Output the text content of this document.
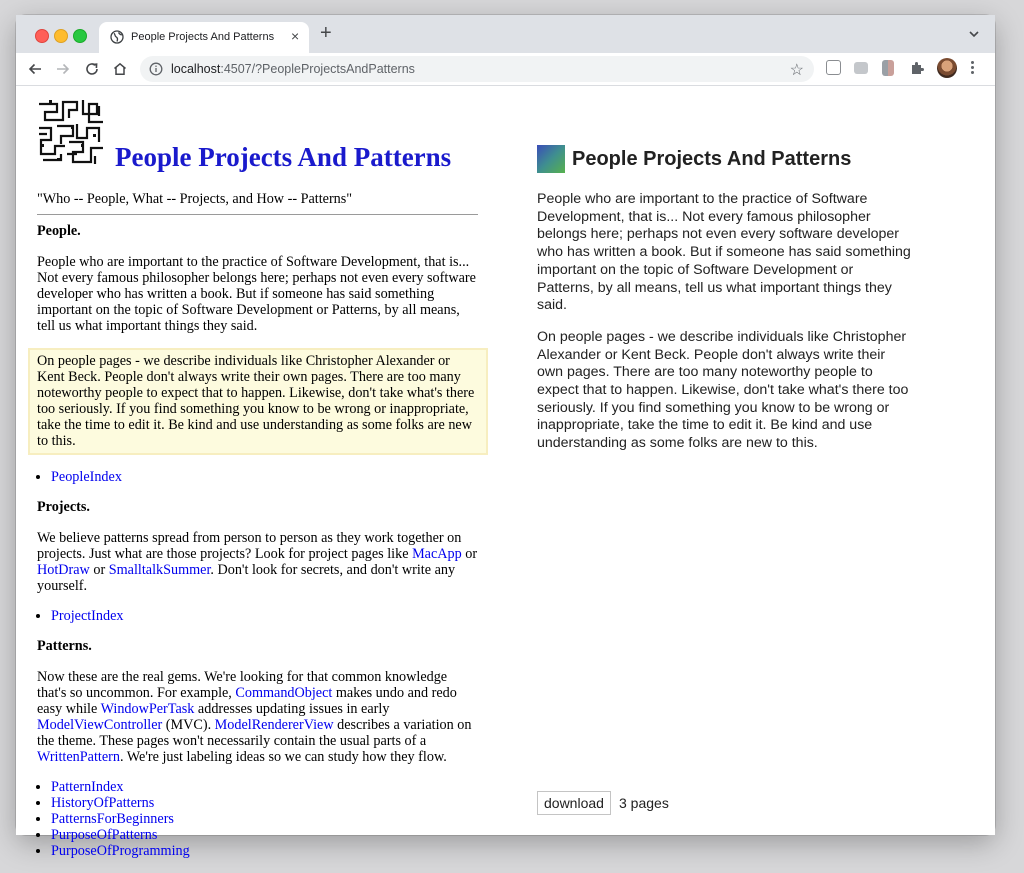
People Projects And Patterns × +
localhost:4507/?PeopleProjectsAndPatterns	☆
People Projects And Patterns
"Who -- People, What -- Projects, and How -- Patterns"

People.

People who are important to the practice of Software Development, that is... Not every famous philosopher belongs here; perhaps not even every software developer who has written a book. But if someone has said something important on the topic of Software Development or Patterns, by all means, tell us what important things they said.

On people pages - we describe individuals like Christopher Alexander or Kent Beck. People don't always write their own pages. There are too many noteworthy people to expect that to happen. Likewise, don't take what's there too seriously. If you find something you know to be wrong or inappropriate, take the time to edit it. Be kind and use understanding as some folks are new to this.
• PeopleIndex

Projects.

We believe patterns spread from person to person as they work together on projects. Just what are those projects? Look for project pages like MacApp or HotDraw or SmalltalkSummer. Don't look for secrets, and don't write any yourself.

• ProjectIndex

Patterns.

Now these are the real gems. We're looking for that common knowledge that's so uncommon. For example, CommandObject makes undo and redo easy while WindowPerTask addresses updating issues in early ModelViewController (MVC). ModelRendererView describes a variation on the theme. These pages won't necessarily contain the usual parts of a WrittenPattern. We're just labeling ideas so we can study how they flow.

• PatternIndex
• HistoryOfPatterns
• PatternsForBeginners
• PurposeOfPatterns
• PurposeOfProgramming
People Projects And Patterns

People who are important to the practice of Software Development, that is... Not every famous philosopher belongs here; perhaps not even every software developer who has written a book. But if someone has said something important on the topic of Software Development or Patterns, by all means, tell us what important things they said.

On people pages - we describe individuals like Christopher Alexander or Kent Beck. People don't always write their own pages. There are too many noteworthy people to expect that to happen. Likewise, don't take what's there too seriously. If you find something you know to be wrong or inappropriate, take the time to edit it. Be kind and use understanding as some folks are new to this.

download	3 pages
